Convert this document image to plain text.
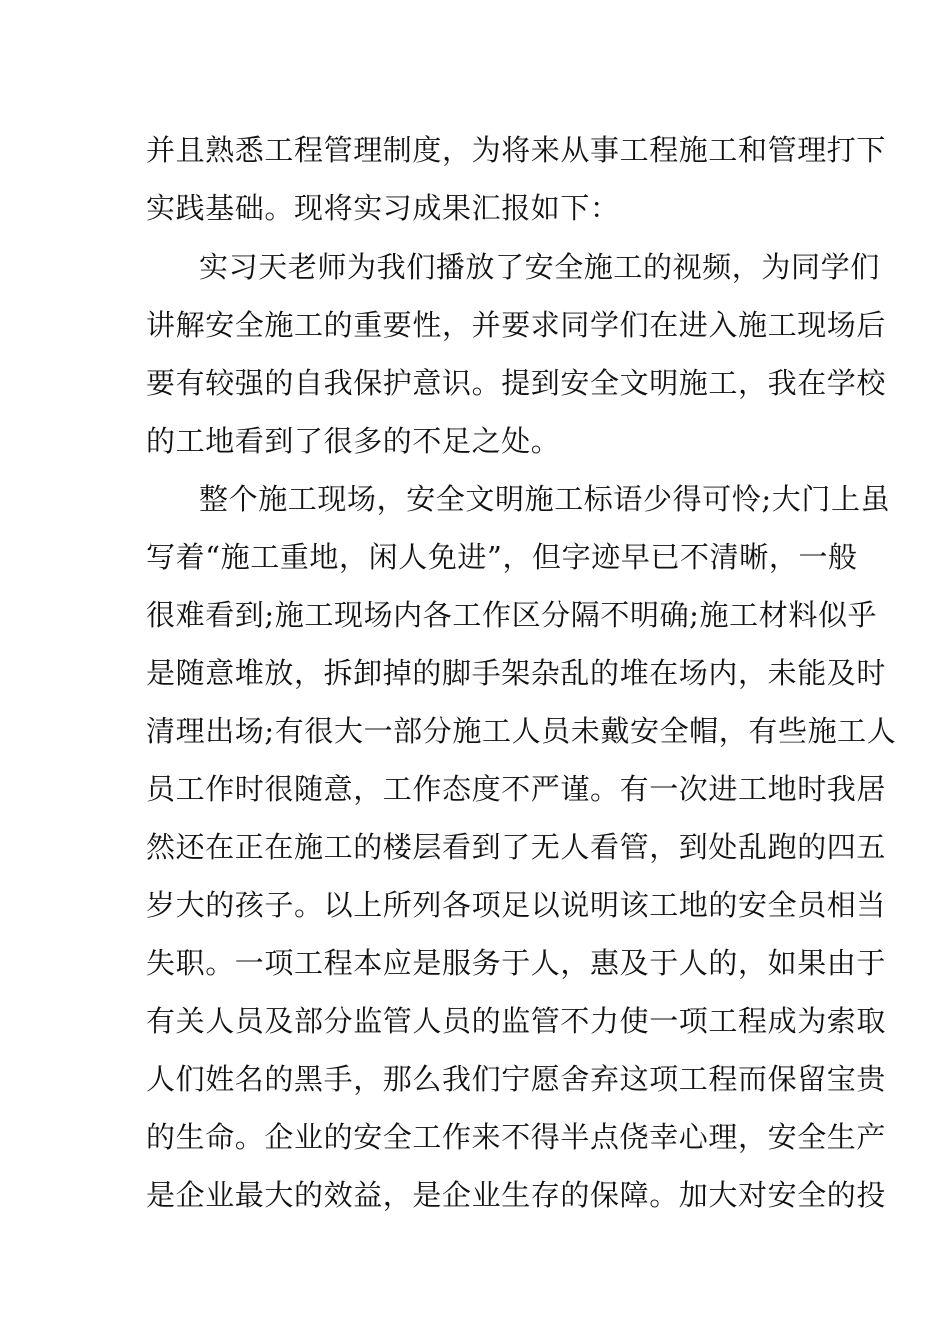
并且熟悉工程管理制度，为将来从事工程施工和管理打下
实践基础。现将实习成果汇报如下：
实习天老师为我们播放了安全施工的视频，为同学们
讲解安全施工的重要性，并要求同学们在进入施工现场后
要有较强的自我保护意识。提到安全文明施工，我在学校
的工地看到了很多的不足之处。
整个施工现场，安全文明施工标语少得可怜;大门上虽
写着“施工重地，闲人免进”，但字迹早已不清晰，一般
很难看到;施工现场内各工作区分隔不明确;施工材料似乎
是随意堆放，拆卸掉的脚手架杂乱的堆在场内，未能及时
清理出场;有很大一部分施工人员未戴安全帽，有些施工人
员工作时很随意，工作态度不严谨。有一次进工地时我居
然还在正在施工的楼层看到了无人看管，到处乱跑的四五
岁大的孩子。以上所列各项足以说明该工地的安全员相当
失职。一项工程本应是服务于人，惠及于人的，如果由于
有关人员及部分监管人员的监管不力使一项工程成为索取
人们姓名的黑手，那么我们宁愿舍弃这项工程而保留宝贵
的生命。企业的安全工作来不得半点侥幸心理，安全生产
是企业最大的效益，是企业生存的保障。加大对安全的投
